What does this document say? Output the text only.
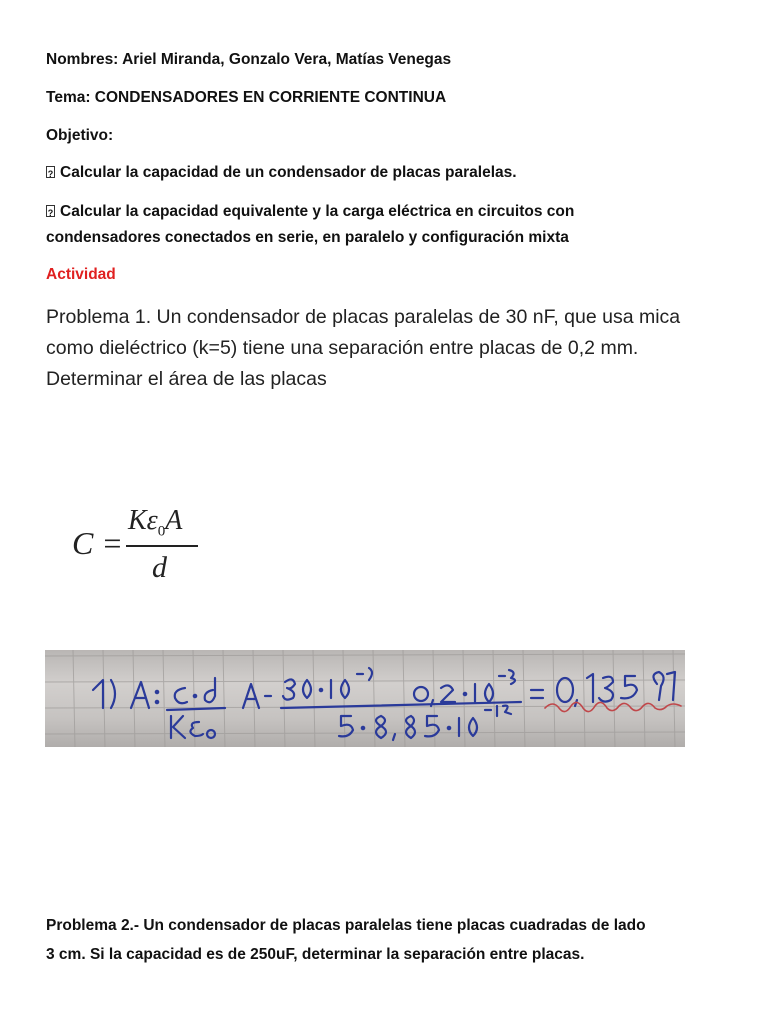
Nombres: Ariel Miranda, Gonzalo Vera, Matías Venegas

Tema: CONDENSADORES EN CORRIENTE CONTINUA

Objetivo:

?Calcular la capacidad de un condensador de placas paralelas.

?Calcular la capacidad equivalente y la carga eléctrica en circuitos con

condensadores conectados en serie, en paralelo y configuración mixta

Actividad

Problema 1. Un condensador de placas paralelas de 30 nF, que usa mica
como dieléctrico (k=5) tiene una separación entre placas de 0,2 mm.
Determinar el área de las placas
C =
$K\varepsilon_0A$
d
Problema 2.- Un condensador de placas paralelas tiene placas cuadradas de lado
3 cm. Si la capacidad es de 250uF, determinar la separación entre placas.
